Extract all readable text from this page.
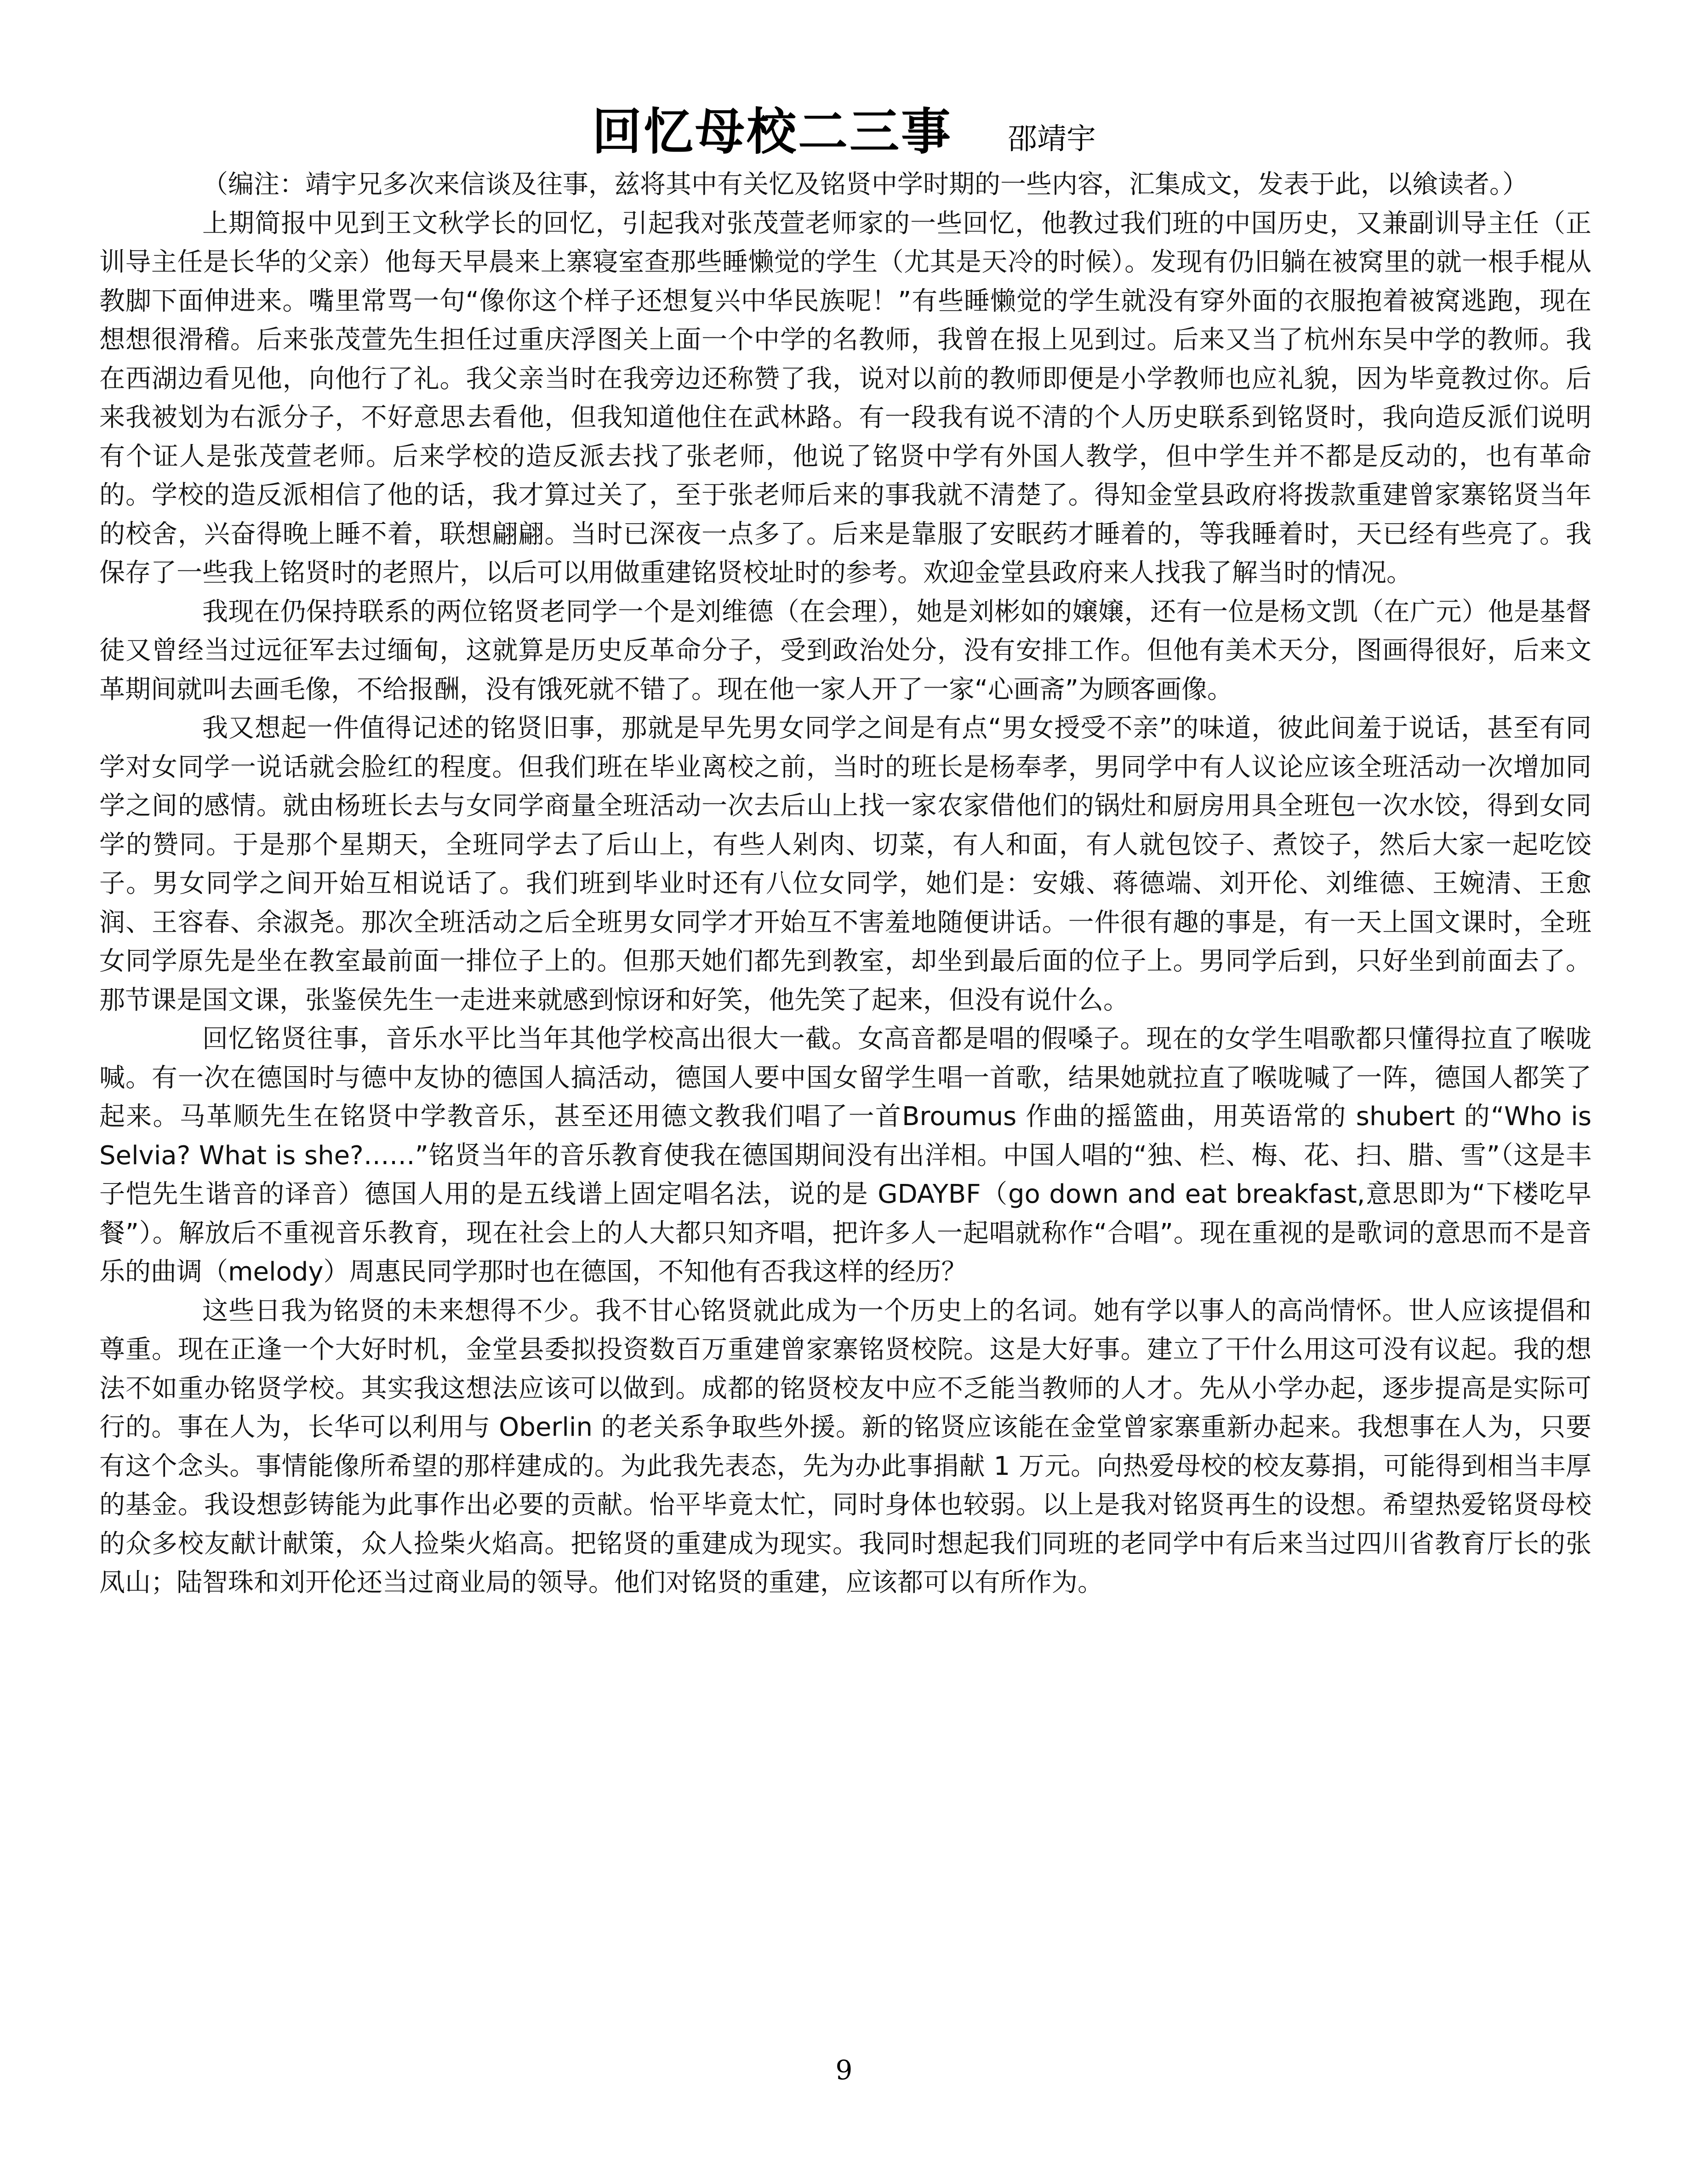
回忆母校二三事 邵靖宇

（编注：靖宇兄多次来信谈及往事，兹将其中有关忆及铭贤中学时期的一些内容，汇集成文，发表于此，以飨读者。）

上期简报中见到王文秋学长的回忆，引起我对张茂萱老师家的一些回忆，他教过我们班的中国历史，又兼副训导主任（正训导主任是长华的父亲）他每天早晨来上寨寝室查那些睡懒觉的学生（尤其是天冷的时候）。发现有仍旧躺在被窝里的就一根手棍从教脚下面伸进来。嘴里常骂一句“像你这个样子还想复兴中华民族呢！”有些睡懒觉的学生就没有穿外面的衣服抱着被窝逃跑，现在想想很滑稽。后来张茂萱先生担任过重庆浮图关上面一个中学的名教师，我曾在报上见到过。后来又当了杭州东吴中学的教师。我在西湖边看见他，向他行了礼。我父亲当时在我旁边还称赞了我，说对以前的教师即便是小学教师也应礼貌，因为毕竟教过你。后来我被划为右派分子，不好意思去看他，但我知道他住在武林路。有一段我有说不清的个人历史联系到铭贤时，我向造反派们说明有个证人是张茂萱老师。后来学校的造反派去找了张老师，他说了铭贤中学有外国人教学，但中学生并不都是反动的，也有革命的。学校的造反派相信了他的话，我才算过关了，至于张老师后来的事我就不清楚了。得知金堂县政府将拨款重建曾家寨铭贤当年的校舍，兴奋得晚上睡不着，联想翩翩。当时已深夜一点多了。后来是靠服了安眠药才睡着的，等我睡着时，天已经有些亮了。我保存了一些我上铭贤时的老照片，以后可以用做重建铭贤校址时的参考。欢迎金堂县政府来人找我了解当时的情况。

我现在仍保持联系的两位铭贤老同学一个是刘维德（在会理），她是刘彬如的嬢嬢，还有一位是杨文凯（在广元）他是基督徒又曾经当过远征军去过缅甸，这就算是历史反革命分子，受到政治处分，没有安排工作。但他有美术天分，图画得很好，后来文革期间就叫去画毛像，不给报酬，没有饿死就不错了。现在他一家人开了一家“心画斋”为顾客画像。

我又想起一件值得记述的铭贤旧事，那就是早先男女同学之间是有点“男女授受不亲”的味道，彼此间羞于说话，甚至有同学对女同学一说话就会脸红的程度。但我们班在毕业离校之前，当时的班长是杨奉孝，男同学中有人议论应该全班活动一次增加同学之间的感情。就由杨班长去与女同学商量全班活动一次去后山上找一家农家借他们的锅灶和厨房用具全班包一次水饺，得到女同学的赞同。于是那个星期天，全班同学去了后山上，有些人剁肉、切菜，有人和面，有人就包饺子、煮饺子，然后大家一起吃饺子。男女同学之间开始互相说话了。我们班到毕业时还有八位女同学，她们是：安娥、蒋德端、刘开伦、刘维德、王婉清、王愈润、王容春、余淑尧。那次全班活动之后全班男女同学才开始互不害羞地随便讲话。一件很有趣的事是，有一天上国文课时，全班女同学原先是坐在教室最前面一排位子上的。但那天她们都先到教室，却坐到最后面的位子上。男同学后到，只好坐到前面去了。那节课是国文课，张鉴侯先生一走进来就感到惊讶和好笑，他先笑了起来，但没有说什么。

回忆铭贤往事，音乐水平比当年其他学校高出很大一截。女高音都是唱的假嗓子。现在的女学生唱歌都只懂得拉直了喉咙喊。有一次在德国时与德中友协的德国人搞活动，德国人要中国女留学生唱一首歌，结果她就拉直了喉咙喊了一阵，德国人都笑了起来。马革顺先生在铭贤中学教音乐，甚至还用德文教我们唱了一首Broumus 作曲的摇篮曲，用英语常的 shubert 的“Who is Selvia? What is she?……”铭贤当年的音乐教育使我在德国期间没有出洋相。中国人唱的“独、栏、梅、花、扫、腊、雪”（这是丰子恺先生谐音的译音）德国人用的是五线谱上固定唱名法，说的是 GDAYBF（go down and eat breakfast,意思即为“下楼吃早餐”）。解放后不重视音乐教育，现在社会上的人大都只知齐唱，把许多人一起唱就称作“合唱”。现在重视的是歌词的意思而不是音乐的曲调（melody）周惠民同学那时也在德国，不知他有否我这样的经历？

这些日我为铭贤的未来想得不少。我不甘心铭贤就此成为一个历史上的名词。她有学以事人的高尚情怀。世人应该提倡和尊重。现在正逢一个大好时机，金堂县委拟投资数百万重建曾家寨铭贤校院。这是大好事。建立了干什么用这可没有议起。我的想法不如重办铭贤学校。其实我这想法应该可以做到。成都的铭贤校友中应不乏能当教师的人才。先从小学办起，逐步提高是实际可行的。事在人为，长华可以利用与 Oberlin 的老关系争取些外援。新的铭贤应该能在金堂曾家寨重新办起来。我想事在人为，只要有这个念头。事情能像所希望的那样建成的。为此我先表态，先为办此事捐献 1 万元。向热爱母校的校友募捐，可能得到相当丰厚的基金。我设想彭铸能为此事作出必要的贡献。怡平毕竟太忙，同时身体也较弱。以上是我对铭贤再生的设想。希望热爱铭贤母校的众多校友献计献策，众人捡柴火焰高。把铭贤的重建成为现实。我同时想起我们同班的老同学中有后来当过四川省教育厅长的张凤山；陆智珠和刘开伦还当过商业局的领导。他们对铭贤的重建，应该都可以有所作为。

9
